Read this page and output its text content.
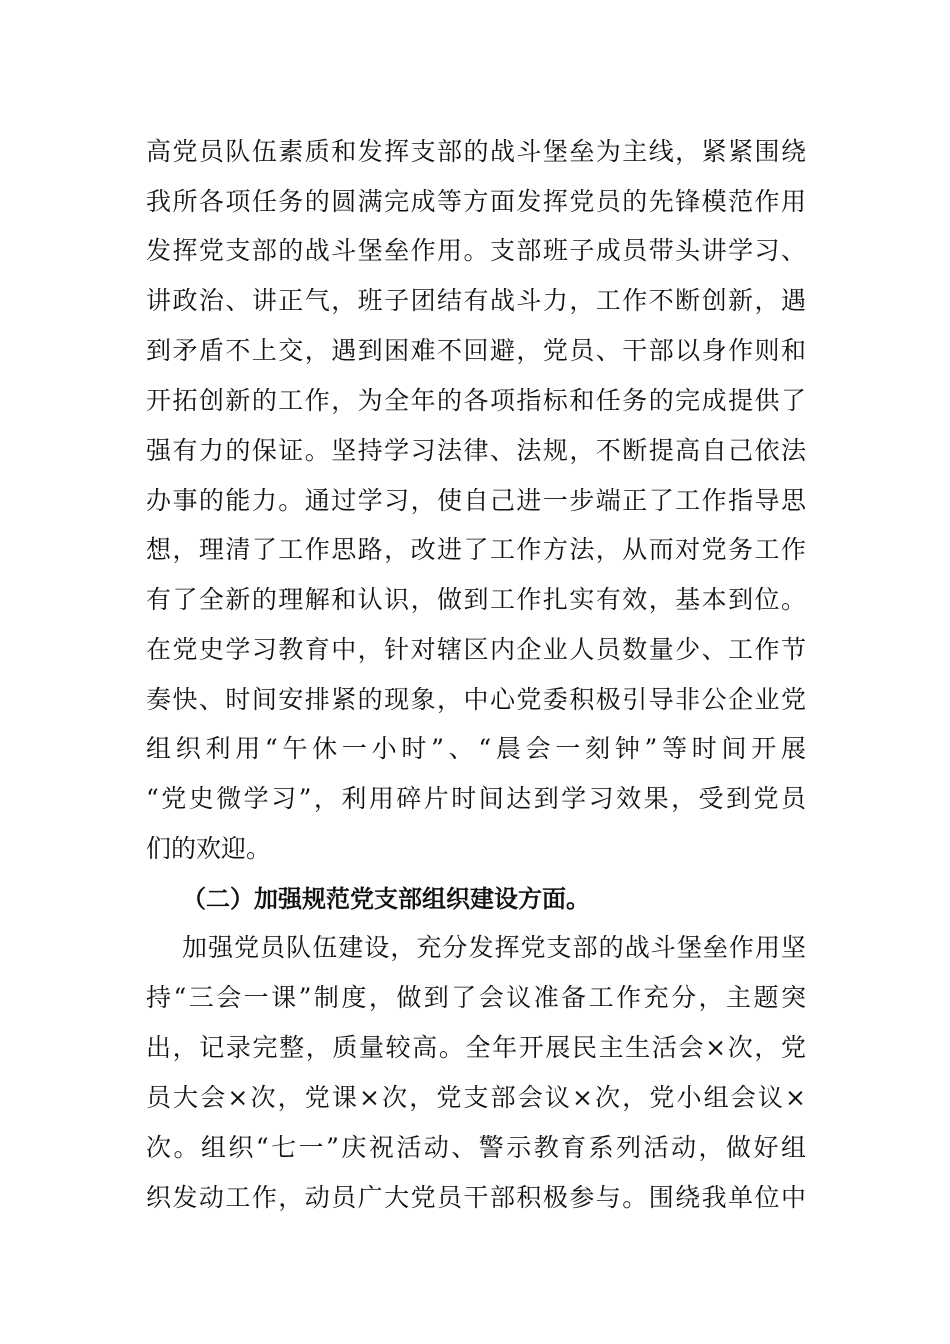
高党员队伍素质和发挥支部的战斗堡垒为主线，紧紧围绕
我所各项任务的圆满完成等方面发挥党员的先锋模范作用
发挥党支部的战斗堡垒作用。支部班子成员带头讲学习、
讲政治、讲正气，班子团结有战斗力，工作不断创新，遇
到矛盾不上交，遇到困难不回避，党员、干部以身作则和
开拓创新的工作，为全年的各项指标和任务的完成提供了
强有力的保证。坚持学习法律、法规，不断提高自己依法
办事的能力。通过学习，使自己进一步端正了工作指导思
想，理清了工作思路，改进了工作方法，从而对党务工作
有了全新的理解和认识，做到工作扎实有效，基本到位。
在党史学习教育中，针对辖区内企业人员数量少、工作节
奏快、时间安排紧的现象，中心党委积极引导非公企业党
组织利用“午休一小时”、“晨会一刻钟”等时间开展
“党史微学习”，利用碎片时间达到学习效果，受到党员
们的欢迎。
（二）加强规范党支部组织建设方面。
加强党员队伍建设，充分发挥党支部的战斗堡垒作用坚
持“三会一课”制度，做到了会议准备工作充分，主题突
出，记录完整，质量较高。全年开展民主生活会×次，党
员大会×次，党课×次，党支部会议×次，党小组会议×
次。组织“七一”庆祝活动、警示教育系列活动，做好组
织发动工作，动员广大党员干部积极参与。围绕我单位中
